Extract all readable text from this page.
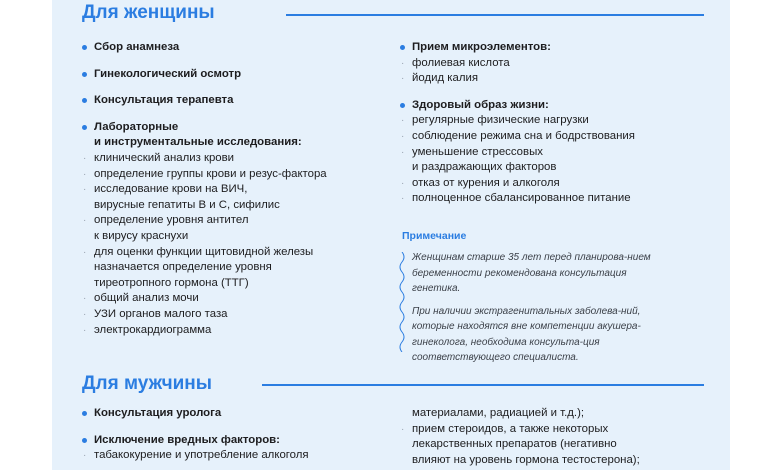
Для женщины
Сбор анамнеза
Гинекологический осмотр
Консультация терапевта
Лабораторные
и инструментальные исследования:
· клинический анализ крови
· определение группы крови и резус-фактора
· исследование крови на ВИЧ,
вирусные гепатиты B и C, сифилис
· определение уровня антител
к вирусу краснухи
· для оценки функции щитовидной железы
назначается определение уровня
тиреотропного гормона (ТТГ)
· общий анализ мочи
· УЗИ органов малого таза
· электрокардиограмма
Прием микроэлементов:
· фолиевая кислота
· йодид калия
Здоровый образ жизни:
· регулярные физические нагрузки
· соблюдение режима сна и бодрствования
· уменьшение стрессовых
и раздражающих факторов
· отказ от курения и алкоголя
· полноценное сбалансированное питание
Примечание

Женщинам старше 35 лет перед планирова-нием беременности рекомендована консультация генетика.

При наличии экстрагенитальных заболева-ний, которые находятся вне компетенции акушера-гинеколога, необходима консульта-ция соответствующего специалиста.

Для мужчины
Консультация уролога
Исключение вредных факторов:
· табакокурение и употребление алкоголя
материалами, радиацией и т.д.);
· прием стероидов, а также некоторых
лекарственных препаратов (негативно
влияют на уровень гормона тестостерона);
